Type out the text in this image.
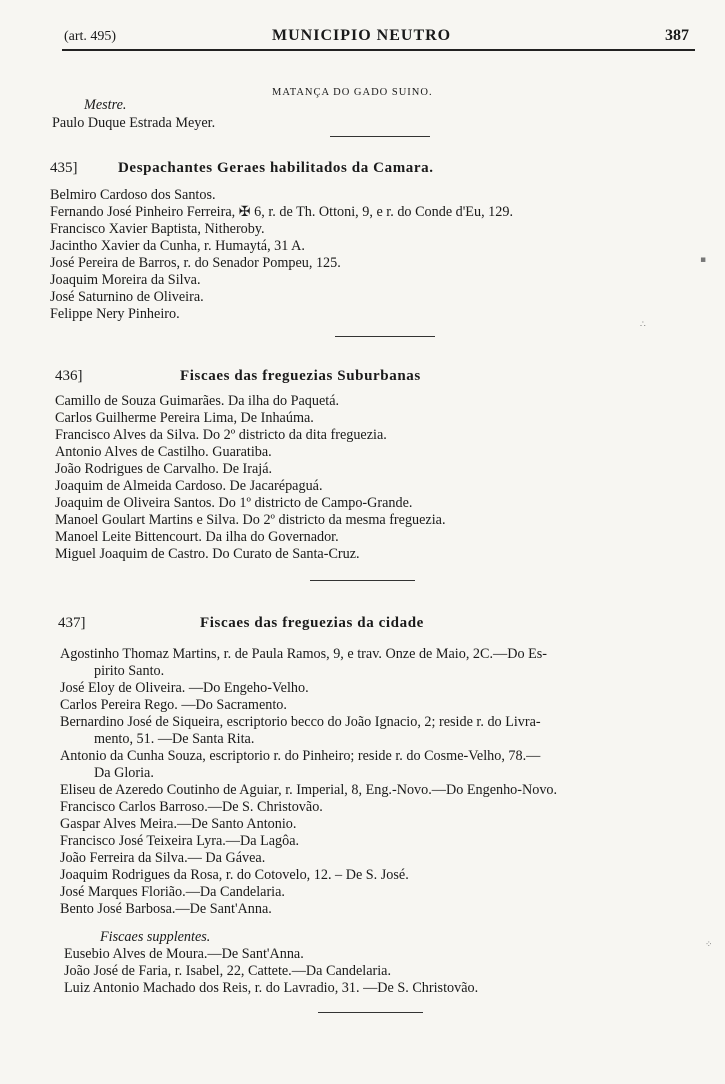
(art. 495)	MUNICIPIO NEUTRO	387
MATANÇA DO GADO SUINO.
Mestre.
Paulo Duque Estrada Meyer.
435]	Despachantes Geraes habilitados da Camara.
Belmiro Cardoso dos Santos.
Fernando José Pinheiro Ferreira, ✠ 6, r. de Th. Ottoni, 9, e r. do Conde d'Eu, 129.
Francisco Xavier Baptista, Nitheroby.
Jacintho Xavier da Cunha, r. Humaytá, 31 A.
José Pereira de Barros, r. do Senador Pompeu, 125.
Joaquim Moreira da Silva.
José Saturnino de Oliveira.
Felippe Nery Pinheiro.
436]	Fiscaes das freguezias Suburbanas
Camillo de Souza Guimarães. Da ilha do Paquetá.
Carlos Guilherme Pereira Lima, De Inhaúma.
Francisco Alves da Silva. Do 2º districto da dita freguezia.
Antonio Alves de Castilho. Guaratiba.
João Rodrigues de Carvalho. De Irajá.
Joaquim de Almeida Cardoso. De Jacarépaguá.
Joaquim de Oliveira Santos. Do 1º districto de Campo-Grande.
Manoel Goulart Martins e Silva. Do 2º districto da mesma freguezia.
Manoel Leite Bittencourt. Da ilha do Governador.
Miguel Joaquim de Castro. Do Curato de Santa-Cruz.
437]	Fiscaes das freguezias da cidade
Agostinho Thomaz Martins, r. de Paula Ramos, 9, e trav. Onze de Maio, 2C.—Do Es-
pirito Santo.
José Eloy de Oliveira. —Do Engeho-Velho.
Carlos Pereira Rego. —Do Sacramento.
Bernardino José de Siqueira, escriptorio becco do João Ignacio, 2; reside r. do Livra-
mento, 51. —De Santa Rita.
Antonio da Cunha Souza, escriptorio r. do Pinheiro; reside r. do Cosme-Velho, 78.—
Da Gloria.
Eliseu de Azeredo Coutinho de Aguiar, r. Imperial, 8, Eng.-Novo.—Do Engenho-Novo.
Francisco Carlos Barroso.—De S. Christovão.
Gaspar Alves Meira.—De Santo Antonio.
Francisco José Teixeira Lyra.—Da Lagôa.
João Ferreira da Silva.— Da Gávea.
Joaquim Rodrigues da Rosa, r. do Cotovelo, 12. – De S. José.
José Marques Florião.—Da Candelaria.
Bento José Barbosa.—De Sant'Anna.
Fiscaes supplentes.
Eusebio Alves de Moura.—De Sant'Anna.
João José de Faria, r. Isabel, 22, Cattete.—Da Candelaria.
Luiz Antonio Machado dos Reis, r. do Lavradio, 31. —De S. Christovão.
▪
∴
⁘
